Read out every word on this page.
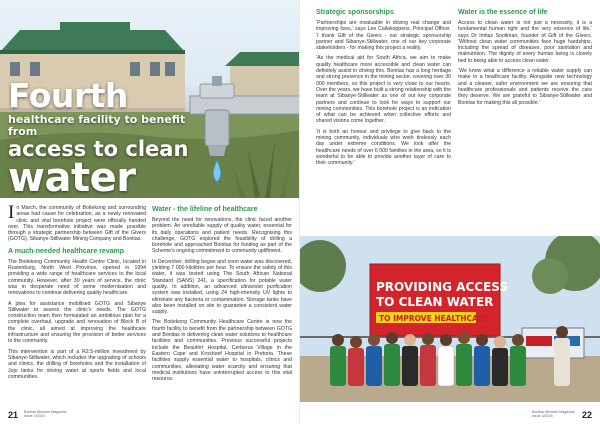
Fourth
healthcare facility to benefit from
access to clean
water

In March, the community of Boitekong and surrounding areas had cause for celebration, as a newly renovated clinic and vital borehole project were officially handed over. This transformative initiative was made possible through a strategic partnership between Gift of the Givers (GOTG), Sibanye-Stillwater Mining Company and Bonitas.

A much-needed healthcare revamp

The Boitekong Community Health Centre Clinic, located in Rustenburg, North West Province, opened in 1994 providing a wide range of healthcare services to the local community. However, after 30 years of service, the clinic was in desperate need of some modernisation and renovations to continue delivering quality healthcare.

A plea for assistance mobilised GOTG and Sibanye Stillwater to assess the clinic’s needs. The GOTG construction team then formulated an ambitious plan for a complete overhaul, upgrade and renovation of Block B of the clinic, all aimed at improving the healthcare infrastructure and ensuring the provision of better services to the community.

This intervention is part of a R2.5-million investment by Sibanye-Stillwater, which includes the upgrading of schools and clinics, the drilling of boreholes and the installation of Jojo tanks for storing water at sports fields and local communities.

Water - the lifeline of healthcare

Beyond the need for renovations, the clinic faced another problem. An unreliable supply of quality water, essential for its daily operations and patient needs. Recognising this challenge, GOTG explored the feasibility of drilling a borehole and approached Bonitas for funding as part of the Scheme’s ongoing commitment to community upliftment.

In December, drilling began and soon water was discovered, yielding 7 000 kilolitres per hour. To ensure the safety of this water, it was tested using The South African National Standard (SANS) 241, a specification for potable water quality. In addition, an advanced ultraviolet purification system was installed, using 24 high-intensity UV lights to eliminate any bacteria or contamination. Storage tanks have also been installed on site to guarantee a consistent water supply.

The Boitekong Community Healthcare Centre is now the fourth facility to benefit from the partnership between GOTG and Bonitas in delivering clean water solutions to healthcare facilities and communities. Previous successful projects include the Beaufort Hospital, Cerberus Village in the Eastern Cape and Kroshoef Hospital in Pretoria. These facilities supply essential water to hospitals, clinics and communities, alleviating water scarcity and ensuring that medical institutions have uninterrupted access to this vital resource.

21 Bonitas Member Magazine
Issue 2/2024
Strategic sponsorships

‘Partnerships are invaluable in driving real change and improving lives,’ says Lee Callakoppens, Principal Officer. ‘I thank Gift of the Givers - our strategic sponsorship partner and Sibanye-Stillwater, one of our key corporate stakeholders - for making this project a reality.

‘As the medical aid for South Africa, we aim to make quality healthcare more accessible and clean water can definitely assist in driving this. Bonitas has a long heritage and strong presence in the mining sector, covering over 30 000 members, so this project is very close to our hearts. Over the years, we have built a strong relationship with the team at Sibanye-Stillwater as one of our key corporate partners and continue to look for ways to support our mining communities. This borehole project is an indication of what can be achieved when collective efforts and shared visions come together.

‘It is both an honour and privilege to give back to the mining community, individuals who work tirelessly each day under extreme conditions. We look after the healthcare needs of over 6 000 families in the area, so it is wonderful to be able to provide another layer of care to their community.’

Water is the essence of life

Access to clean water is not just a necessity, it is a fundamental human right and the very essence of life,’ says Dr Imtiaz Sooliman, founder of Gift of the Givers. ‘Without clean water communities face huge hardships, including the spread of diseases, poor sanitation and malnutrition. The dignity of every human being is closely tied to being able to access clean water.

‘We know what a difference a reliable water supply can make in a healthcare facility. Alongside new technology and a cleaner, safer environment we are ensuring that healthcare professionals and patients receive the care they deserve. We are grateful to Sibanye-Stillwater and Bonitas for making this all possible.’

22
Bonitas Member Magazine
Issue 2/2024
PROVIDING ACCESS
TO CLEAN WATER
TO IMPROVE HEALTHCARE
